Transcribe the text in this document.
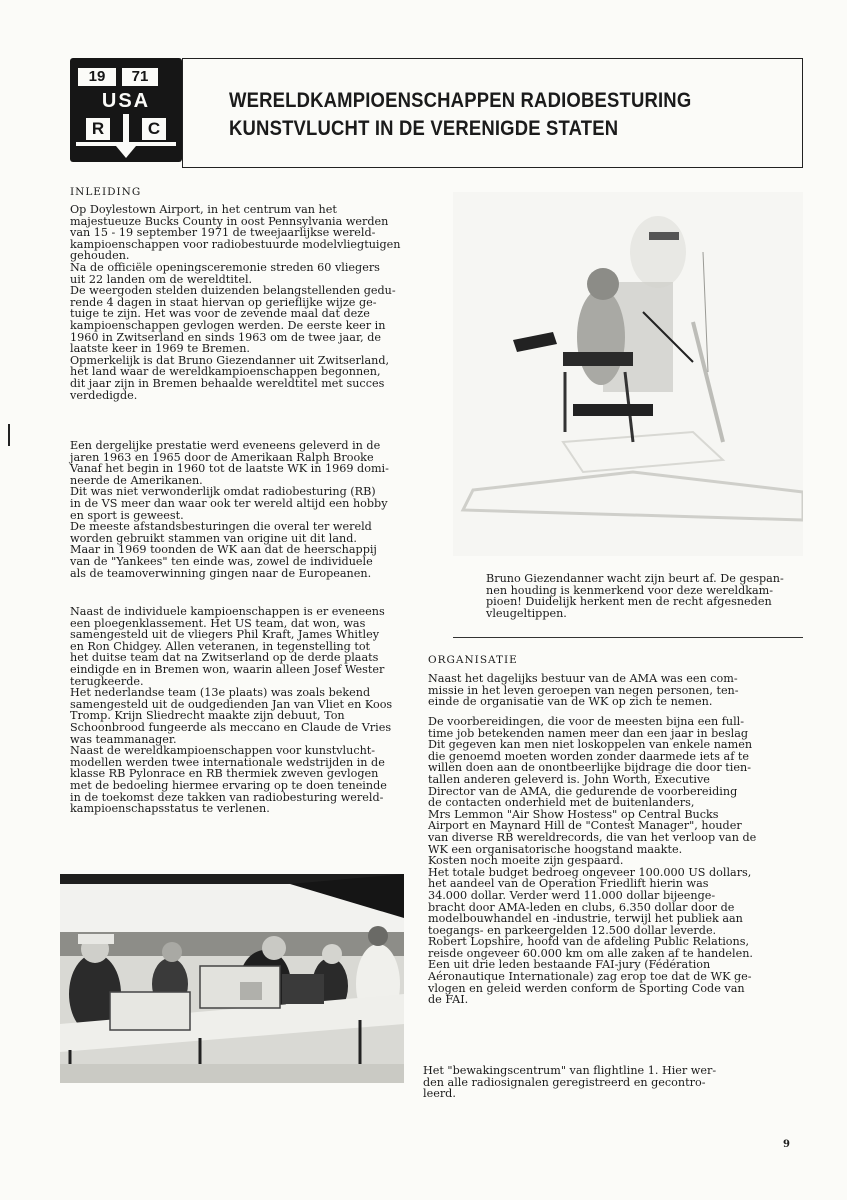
19	71
USA
R	C
WERELDKAMPIOENSCHAPPEN RADIOBESTURING
KUNSTVLUCHT IN DE VERENIGDE STATEN
INLEIDING
Op Doylestown Airport, in het centrum van het
majestueuze Bucks County in oost Pennsylvania werden
van 15 - 19 september 1971 de tweejaarlijkse wereld-
kampioenschappen voor radiobestuurde modelvliegtuigen
gehouden.
Na de officiële openingsceremonie streden 60 vliegers
uit 22 landen om de wereldtitel.
De weergoden stelden duizenden belangstellenden gedu-
rende 4 dagen in staat hiervan op gerieflijke wijze ge-
tuige te zijn. Het was voor de zevende maal dat deze
kampioenschappen gevlogen werden. De eerste keer in
1960 in Zwitserland en sinds 1963 om de twee jaar, de
laatste keer in 1969 te Bremen.
Opmerkelijk is dat Bruno Giezendanner uit Zwitserland,
het land waar de wereldkampioenschappen begonnen,
dit jaar zijn in Bremen behaalde wereldtitel met succes
verdedigde.
Een dergelijke prestatie werd eveneens geleverd in de
jaren 1963 en 1965 door de Amerikaan Ralph Brooke
Vanaf het begin in 1960 tot de laatste WK in 1969 domi-
neerde de Amerikanen.
Dit was niet verwonderlijk omdat radiobesturing (RB)
in de VS meer dan waar ook ter wereld altijd een hobby
en sport is geweest.
De meeste afstandsbesturingen die overal ter wereld
worden gebruikt stammen van origine uit dit land.
Maar in 1969 toonden de WK aan dat de heerschappij
van de "Yankees" ten einde was, zowel de individuele
als de teamoverwinning gingen naar de Europeanen.
Naast de individuele kampioenschappen is er eveneens
een ploegenklassement. Het US team, dat won, was
samengesteld uit de vliegers Phil Kraft, James Whitley
en Ron Chidgey. Allen veteranen, in tegenstelling tot
het duitse team dat na Zwitserland op de derde plaats
eindigde en in Bremen won, waarin alleen Josef Wester
terugkeerde.
Het nederlandse team (13e plaats) was zoals bekend
samengesteld uit de oudgedienden Jan van Vliet en Koos
Tromp. Krijn Sliedrecht maakte zijn debuut, Ton
Schoonbrood fungeerde als meccano en Claude de Vries
was teammanager.
Naast de wereldkampioenschappen voor kunstvlucht-
modellen werden twee internationale wedstrijden in de
klasse RB Pylonrace en RB thermiek zweven gevlogen
met de bedoeling hiermee ervaring op te doen teneinde
in de toekomst deze takken van radiobesturing wereld-
kampioenschapsstatus te verlenen.
Bruno Giezendanner wacht zijn beurt af. De gespan-
nen houding is kenmerkend voor deze wereldkam-
pioen! Duidelijk herkent men de recht afgesneden
vleugeltippen.
ORGANISATIE
Naast het dagelijks bestuur van de AMA was een com-
missie in het leven geroepen van negen personen, ten-
einde de organisatie van de WK op zich te nemen.
De voorbereidingen, die voor de meesten bijna een full-
time job betekenden namen meer dan een jaar in beslag
Dit gegeven kan men niet loskoppelen van enkele namen
die genoemd moeten worden zonder daarmede iets af te
willen doen aan de onontbeerlijke bijdrage die door tien-
tallen anderen geleverd is. John Worth, Executive
Director van de AMA, die gedurende de voorbereiding
de contacten onderhield met de buitenlanders,
Mrs Lemmon "Air Show Hostess" op Central Bucks
Airport en Maynard Hill de "Contest Manager", houder
van diverse RB wereldrecords, die van het verloop van de
WK een organisatorische hoogstand maakte.
Kosten noch moeite zijn gespaard.
Het totale budget bedroeg ongeveer 100.000 US dollars,
het aandeel van de Operation Friedlift hierin was
34.000 dollar. Verder werd 11.000 dollar bijeenge-
bracht door AMA-leden en clubs, 6.350 dollar door de
modelbouwhandel en -industrie, terwijl het publiek aan
toegangs- en parkeergelden 12.500 dollar leverde.
Robert Lopshire, hoofd van de afdeling Public Relations,
reisde ongeveer 60.000 km om alle zaken af te handelen.
Een uit drie leden bestaande FAI-jury (Fédération
Aéronautique Internationale) zag erop toe dat de WK ge-
vlogen en geleid werden conform de Sporting Code van
de FAI.
Het "bewakingscentrum" van flightline 1. Hier wer-
den alle radiosignalen geregistreerd en gecontro-
leerd.
9
